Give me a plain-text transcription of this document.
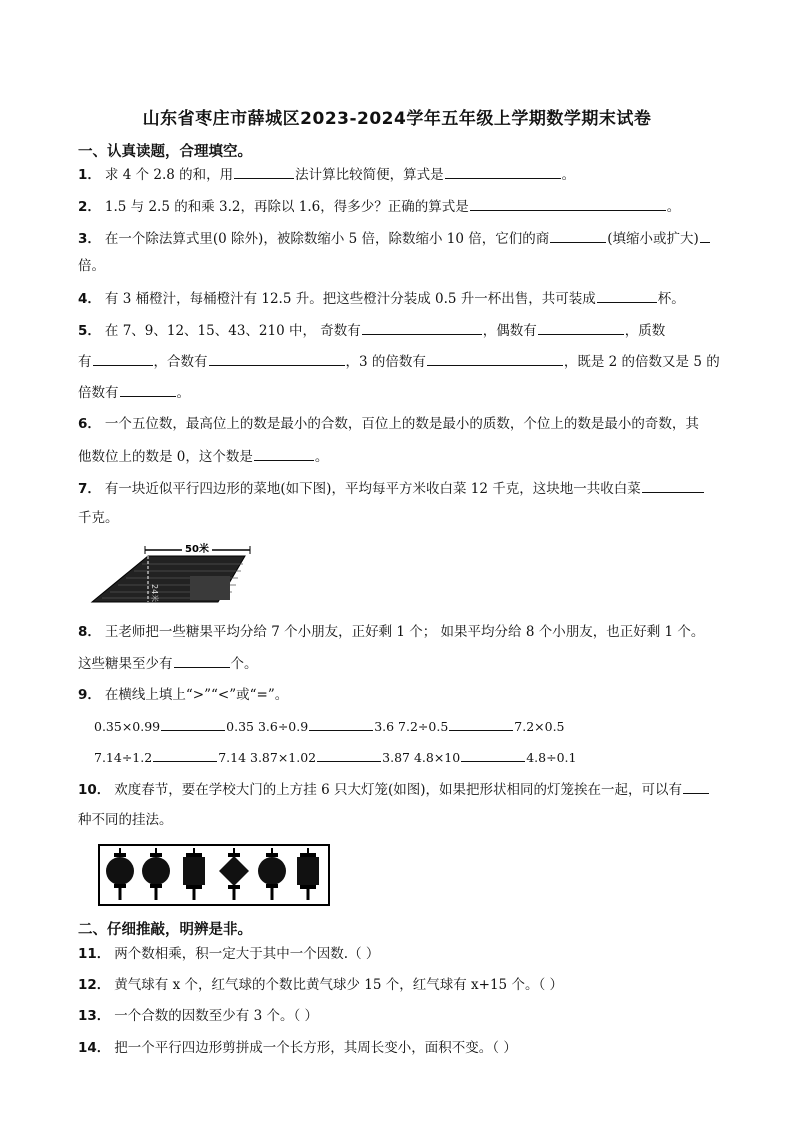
山东省枣庄市薛城区2023-2024学年五年级上学期数学期末试卷
一、认真读题，合理填空。
1． 求 4 个 2.8 的和，用	法计算比较简便，算式是	。
2． 1.5 与 2.5 的和乘 3.2，再除以 1.6，得多少？正确的算式是	。
3． 在一个除法算式里(0 除外)，被除数缩小 5 倍，除数缩小 10 倍，它们的商	(填缩小或扩大)
倍。
4． 有 3 桶橙汁，每桶橙汁有 12.5 升。把这些橙汁分装成 0.5 升一杯出售，共可装成	杯。
5． 在 7、9、12、15、43、210 中， 奇数有	，偶数有	，质数
有	，合数有	，3 的倍数有	，既是 2 的倍数又是 5 的
倍数有	。
6． 一个五位数，最高位上的数是最小的合数，百位上的数是最小的质数，个位上的数是最小的奇数，其
他数位上的数是 0，这个数是	。
7． 有一块近似平行四边形的菜地(如下图)，平均每平方米收白菜 12 千克，这块地一共收白菜
千克。
50米
24米
8． 王老师把一些糖果平均分给 7 个小朋友，正好剩 1 个； 如果平均分给 8 个小朋友，也正好剩 1 个。
这些糖果至少有	个。
9． 在横线上填上“>”“<”或“=”。
0.35×0.99	0.35 3.6÷0.9	3.6 7.2÷0.5	7.2×0.5
7.14÷1.2	7.14 3.87×1.02	3.87 4.8×10	4.8÷0.1
10． 欢度春节，要在学校大门的上方挂 6 只大灯笼(如图)，如果把形状相同的灯笼挨在一起，可以有
种不同的挂法。
二、仔细推敲，明辨是非。
11． 两个数相乘，积一定大于其中一个因数.（ ）
12． 黄气球有 x 个，红气球的个数比黄气球少 15 个，红气球有 x+15 个。（ ）
13． 一个合数的因数至少有 3 个。（ ）
14． 把一个平行四边形剪拼成一个长方形，其周长变小，面积不变。（ ）
